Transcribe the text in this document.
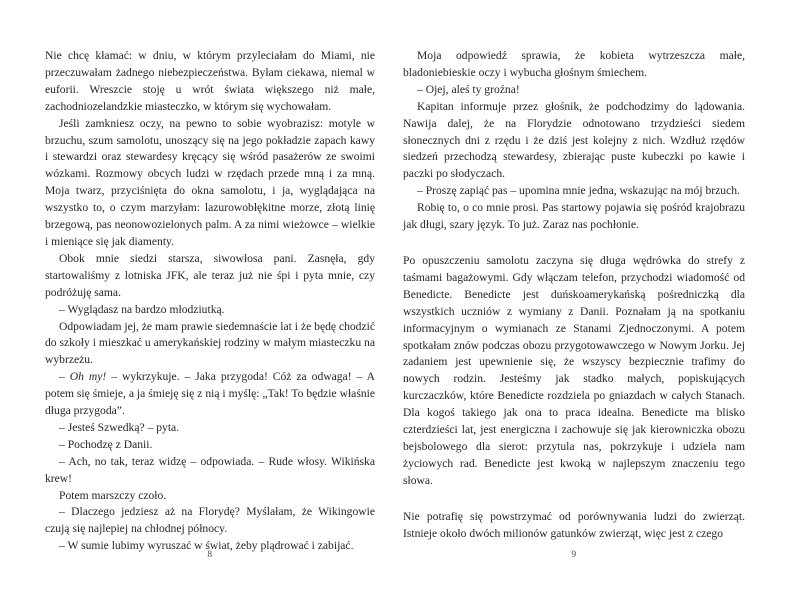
Nie chcę kłamać: w dniu, w którym przyleciałam do Miami, nie przeczuwałam żadnego niebezpieczeństwa. Byłam ciekawa, niemal w euforii. Wreszcie stoję u wrót świata większego niż małe, zachodniozelandzkie miasteczko, w którym się wychowałam.

Jeśli zamkniesz oczy, na pewno to sobie wyobrazisz: motyle w brzuchu, szum samolotu, unoszący się na jego pokładzie zapach kawy i stewardzi oraz stewardesy kręcący się wśród pasażerów ze swoimi wózkami. Rozmowy obcych ludzi w rzędach przede mną i za mną. Moja twarz, przyciśnięta do okna samolotu, i ja, wyglądająca na wszystko to, o czym marzyłam: lazurowobłękitne morze, złotą linię brzegową, pas neonowozielonych palm. A za nimi wieżowce – wielkie i mieniące się jak diamenty.

Obok mnie siedzi starsza, siwowłosa pani. Zasnęła, gdy startowaliśmy z lotniska JFK, ale teraz już nie śpi i pyta mnie, czy podróżuję sama.

– Wyglądasz na bardzo młodziutką.

Odpowiadam jej, że mam prawie siedemnaście lat i że będę chodzić do szkoły i mieszkać u amerykańskiej rodziny w małym miasteczku na wybrzeżu.

– Oh my! – wykrzykuje. – Jaka przygoda! Cóż za odwaga! – A potem się śmieje, a ja śmieję się z nią i myślę: „Tak! To będzie właśnie długa przygoda”.

– Jesteś Szwedką? – pyta.

– Pochodzę z Danii.

– Ach, no tak, teraz widzę – odpowiada. – Rude włosy. Wikińska krew!

Potem marszczy czoło.

– Dlaczego jedziesz aż na Florydę? Myślałam, że Wikingowie czują się najlepiej na chłodnej północy.

– W sumie lubimy wyruszać w świat, żeby plądrować i zabijać.

8

Moja odpowiedź sprawia, że kobieta wytrzeszcza małe, bladoniebieskie oczy i wybucha głośnym śmiechem.

– Ojej, aleś ty groźna!

Kapitan informuje przez głośnik, że podchodzimy do lądowania. Nawija dalej, że na Florydzie odnotowano trzydzieści siedem słonecznych dni z rzędu i że dziś jest kolejny z nich. Wzdłuż rzędów siedzeń przechodzą stewardesy, zbierając puste kubeczki po kawie i paczki po słodyczach.

– Proszę zapiąć pas – upomina mnie jedna, wskazując na mój brzuch.

Robię to, o co mnie prosi. Pas startowy pojawia się pośród krajobrazu jak długi, szary język. To już. Zaraz nas pochłonie.

Po opuszczeniu samolotu zaczyna się długa wędrówka do strefy z taśmami bagażowymi. Gdy włączam telefon, przychodzi wiadomość od Benedicte. Benedicte jest duńskoamerykańską pośredniczką dla wszystkich uczniów z wymiany z Danii. Poznałam ją na spotkaniu informacyjnym o wymianach ze Stanami Zjednoczonymi. A potem spotkałam znów podczas obozu przygotowawczego w Nowym Jorku. Jej zadaniem jest upewnienie się, że wszyscy bezpiecznie trafimy do nowych rodzin. Jesteśmy jak stadko małych, popiskujących kurczaczków, które Benedicte rozdziela po gniazdach w całych Stanach. Dla kogoś takiego jak ona to praca idealna. Benedicte ma blisko czterdzieści lat, jest energiczna i zachowuje się jak kierowniczka obozu bejsbolowego dla sierot: przytula nas, pokrzykuje i udziela nam życiowych rad. Benedicte jest kwoką w najlepszym znaczeniu tego słowa.

Nie potrafię się powstrzymać od porównywania ludzi do zwierząt. Istnieje około dwóch milionów gatunków zwierząt, więc jest z czego

9
